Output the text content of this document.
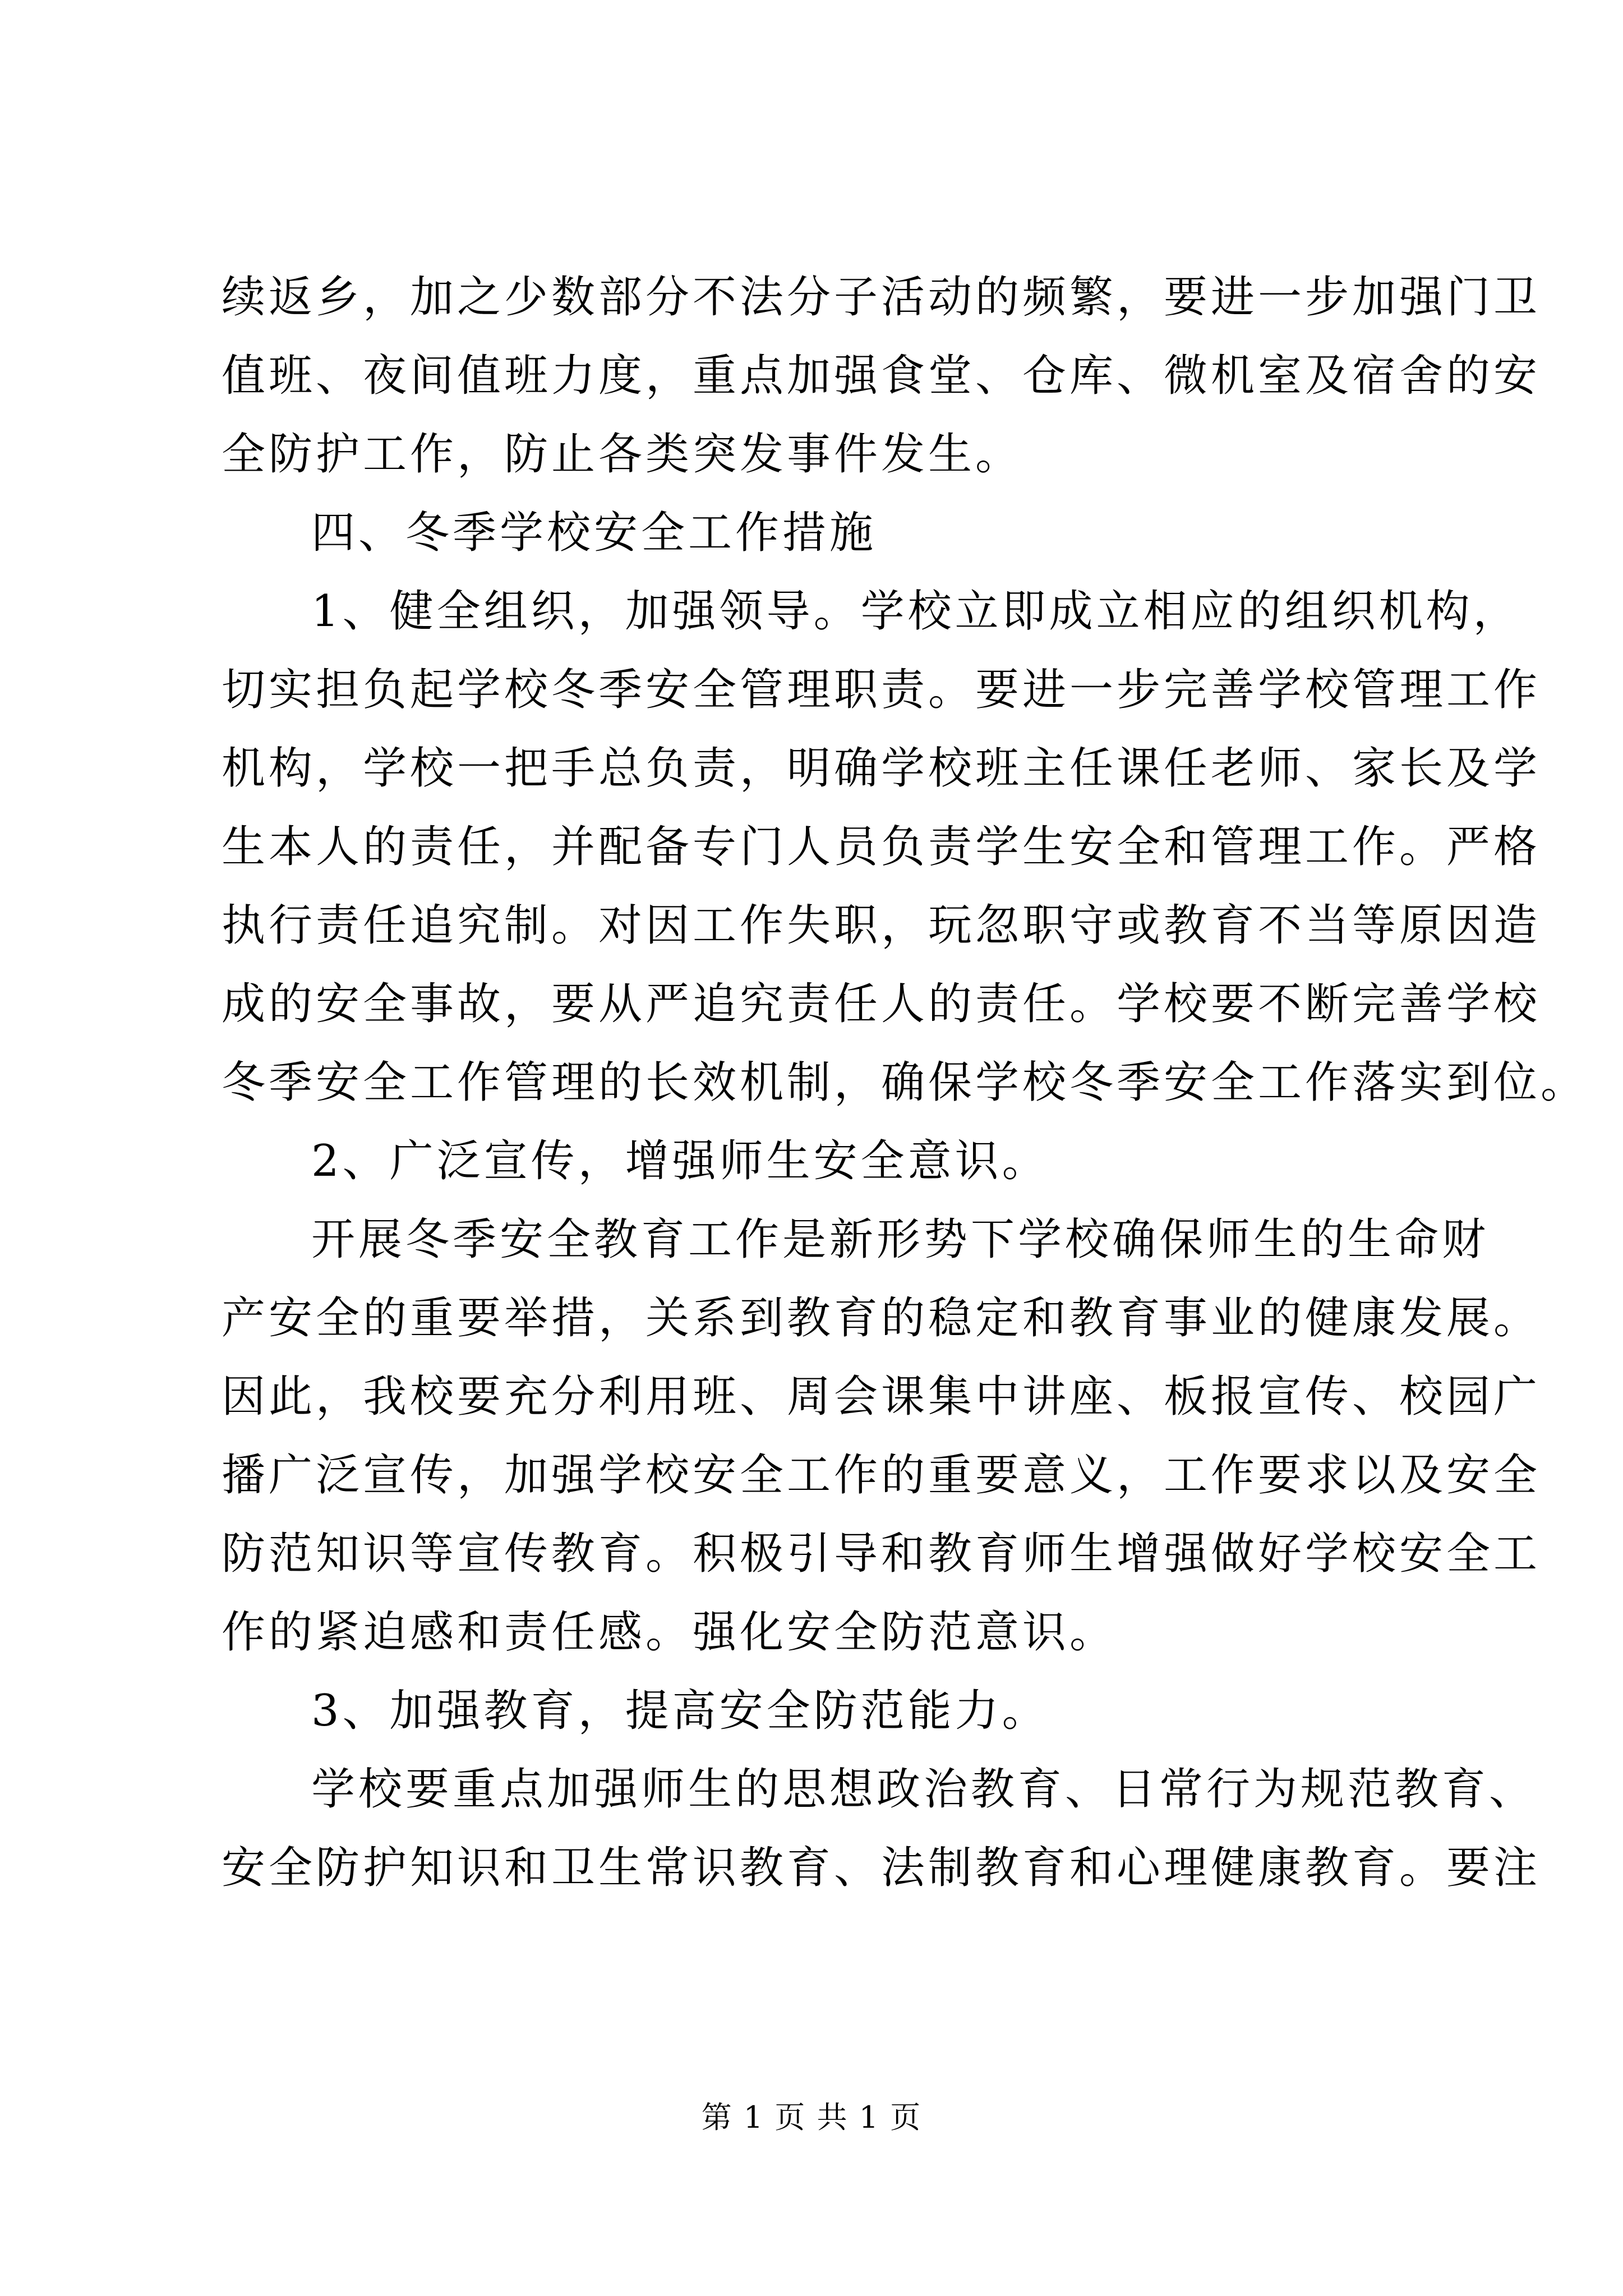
续返乡，加之少数部分不法分子活动的频繁，要进一步加强门卫
值班、夜间值班力度，重点加强食堂、仓库、微机室及宿舍的安
全防护工作，防止各类突发事件发生。
四、冬季学校安全工作措施
1、健全组织，加强领导。学校立即成立相应的组织机构，
切实担负起学校冬季安全管理职责。要进一步完善学校管理工作
机构，学校一把手总负责，明确学校班主任课任老师、家长及学
生本人的责任，并配备专门人员负责学生安全和管理工作。严格
执行责任追究制。对因工作失职，玩忽职守或教育不当等原因造
成的安全事故，要从严追究责任人的责任。学校要不断完善学校
冬季安全工作管理的长效机制，确保学校冬季安全工作落实到位。
2、广泛宣传，增强师生安全意识。
开展冬季安全教育工作是新形势下学校确保师生的生命财
产安全的重要举措，关系到教育的稳定和教育事业的健康发展。
因此，我校要充分利用班、周会课集中讲座、板报宣传、校园广
播广泛宣传，加强学校安全工作的重要意义，工作要求以及安全
防范知识等宣传教育。积极引导和教育师生增强做好学校安全工
作的紧迫感和责任感。强化安全防范意识。
3、加强教育，提高安全防范能力。
学校要重点加强师生的思想政治教育、日常行为规范教育、
安全防护知识和卫生常识教育、法制教育和心理健康教育。要注
第 1 页 共 1 页
